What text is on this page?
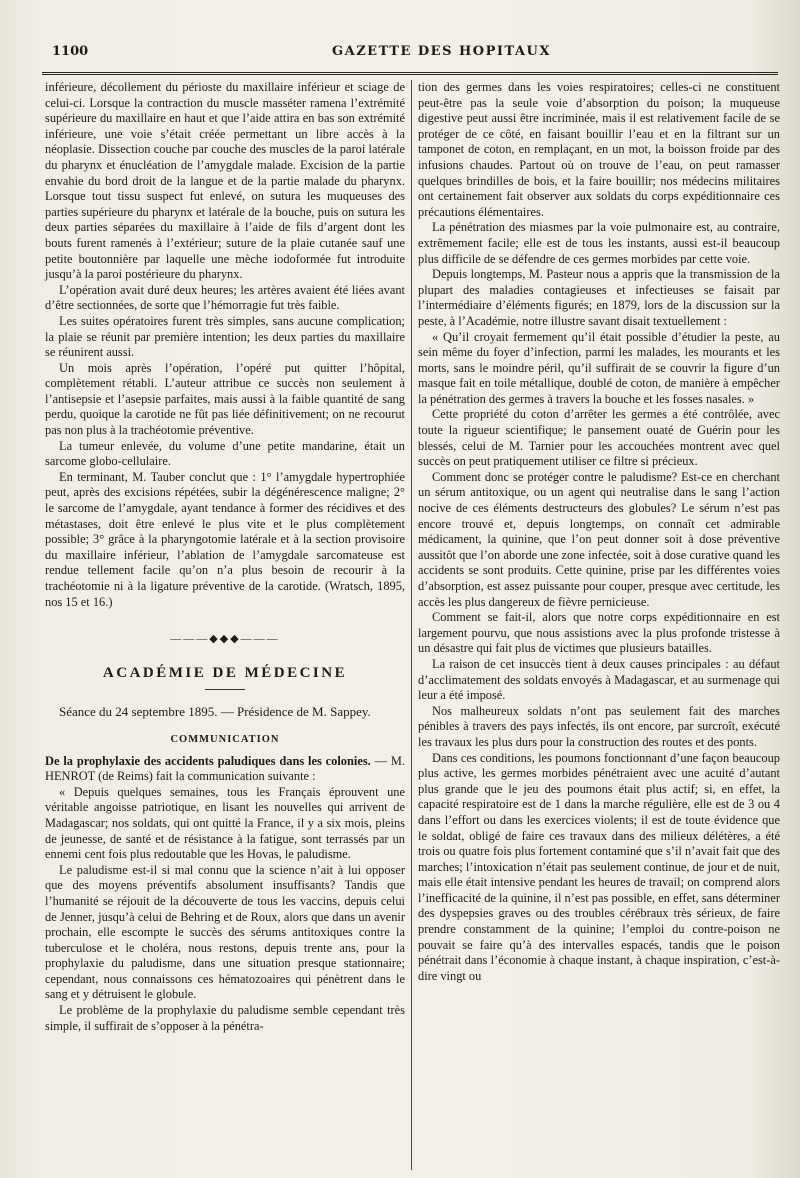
1100	GAZETTE DES HOPITAUX

inférieure, décollement du périoste du maxillaire inférieur et sciage de celui-ci. Lorsque la contraction du muscle masséter ramena l’extrémité supérieure du maxillaire en haut et que l’aide attira en bas son extrémité inférieure, une voie s’était créée permettant un libre accès à la néoplasie. Dissection couche par couche des muscles de la paroi latérale du pharynx et énucléation de l’amygdale malade. Excision de la partie envahie du bord droit de la langue et de la partie malade du pharynx. Lorsque tout tissu suspect fut enlevé, on sutura les muqueuses des parties supérieure du pharynx et latérale de la bouche, puis on sutura les deux parties séparées du maxillaire à l’aide de fils d’argent dont les bouts furent ramenés à l’extérieur; suture de la plaie cutanée sauf une petite boutonnière par laquelle une mèche iodoformée fut introduite jusqu’à la paroi postérieure du pharynx.

L’opération avait duré deux heures; les artères avaient été liées avant d’être sectionnées, de sorte que l’hémorragie fut très faible.

Les suites opératoires furent très simples, sans aucune complication; la plaie se réunit par première intention; les deux parties du maxillaire se réunirent aussi.

Un mois après l’opération, l’opéré put quitter l’hôpital, complètement rétabli. L’auteur attribue ce succès non seulement à l’antisepsie et l’asepsie parfaites, mais aussi à la faible quantité de sang perdu, quoique la carotide ne fût pas liée définitivement; on ne recourut pas non plus à la trachéotomie préventive.

La tumeur enlevée, du volume d’une petite mandarine, était un sarcome globo-cellulaire.

En terminant, M. Tauber conclut que : 1° l’amygdale hypertrophiée peut, après des excisions répétées, subir la dégénérescence maligne; 2° le sarcome de l’amygdale, ayant tendance à former des récidives et des métastases, doit être enlevé le plus vite et le plus complètement possible; 3° grâce à la pharyngotomie latérale et à la section provisoire du maxillaire inférieur, l’ablation de l’amygdale sarcomateuse est rendue tellement facile qu’on n’a plus besoin de recourir à la trachéotomie ni à la ligature préventive de la carotide. (Wratsch, 1895, nos 15 et 16.)

———◆◆◆———
ACADÉMIE DE MÉDECINE

Séance du 24 septembre 1895. — Présidence de M. Sappey.

COMMUNICATION

De la prophylaxie des accidents paludiques dans les colonies. — M. HENROT (de Reims) fait la communication suivante :

« Depuis quelques semaines, tous les Français éprouvent une véritable angoisse patriotique, en lisant les nouvelles qui arrivent de Madagascar; nos soldats, qui ont quitté la France, il y a six mois, pleins de jeunesse, de santé et de résistance à la fatigue, sont terrassés par un ennemi cent fois plus redoutable que les Hovas, le paludisme.

Le paludisme est-il si mal connu que la science n’ait à lui opposer que des moyens préventifs absolument insuffisants? Tandis que l’humanité se réjouit de la découverte de tous les vaccins, depuis celui de Jenner, jusqu’à celui de Behring et de Roux, alors que dans un avenir prochain, elle escompte le succès des sérums antitoxiques contre la tuberculose et le choléra, nous restons, depuis trente ans, pour la prophylaxie du paludisme, dans une situation presque stationnaire; cependant, nous connaissons ces hématozoaires qui pénètrent dans le sang et y détruisent le globule.

Le problème de la prophylaxie du paludisme semble cependant très simple, il suffirait de s’opposer à la pénétra-

tion des germes dans les voies respiratoires; celles-ci ne constituent peut-être pas la seule voie d’absorption du poison; la muqueuse digestive peut aussi être incriminée, mais il est relativement facile de se protéger de ce côté, en faisant bouillir l’eau et en la filtrant sur un tamponet de coton, en remplaçant, en un mot, la boisson froide par des infusions chaudes. Partout où on trouve de l’eau, on peut ramasser quelques brindilles de bois, et la faire bouillir; nos médecins militaires ont certainement fait observer aux soldats du corps expéditionnaire ces précautions élémentaires.

La pénétration des miasmes par la voie pulmonaire est, au contraire, extrêmement facile; elle est de tous les instants, aussi est-il beaucoup plus difficile de se défendre de ces germes morbides par cette voie.

Depuis longtemps, M. Pasteur nous a appris que la transmission de la plupart des maladies contagieuses et infectieuses se faisait par l’intermédiaire d’éléments figurés; en 1879, lors de la discussion sur la peste, à l’Académie, notre illustre savant disait textuellement :

« Qu’il croyait fermement qu’il était possible d’étudier la peste, au sein même du foyer d’infection, parmi les malades, les mourants et les morts, sans le moindre péril, qu’il suffirait de se couvrir la figure d’un masque fait en toile métallique, doublé de coton, de manière à empêcher la pénétration des germes à travers la bouche et les fosses nasales. »

Cette propriété du coton d’arrêter les germes a été contrôlée, avec toute la rigueur scientifique; le pansement ouaté de Guérin pour les blessés, celui de M. Tarnier pour les accouchées montrent avec quel succès on peut pratiquement utiliser ce filtre si précieux.

Comment donc se protéger contre le paludisme? Est-ce en cherchant un sérum antitoxique, ou un agent qui neutralise dans le sang l’action nocive de ces éléments destructeurs des globules? Le sérum n’est pas encore trouvé et, depuis longtemps, on connaît cet admirable médicament, la quinine, que l’on peut donner soit à dose préventive aussitôt que l’on aborde une zone infectée, soit à dose curative quand les accidents se sont produits. Cette quinine, prise par les différentes voies d’absorption, est assez puissante pour couper, presque avec certitude, les accès les plus dangereux de fièvre pernicieuse.

Comment se fait-il, alors que notre corps expéditionnaire en est largement pourvu, que nous assistions avec la plus profonde tristesse à un désastre qui fait plus de victimes que plusieurs batailles.

La raison de cet insuccès tient à deux causes principales : au défaut d’acclimatement des soldats envoyés à Madagascar, et au surmenage qui leur a été imposé.

Nos malheureux soldats n’ont pas seulement fait des marches pénibles à travers des pays infectés, ils ont encore, par surcroît, exécuté les travaux les plus durs pour la construction des routes et des ponts.

Dans ces conditions, les poumons fonctionnant d’une façon beaucoup plus active, les germes morbides pénétraient avec une acuité d’autant plus grande que le jeu des poumons était plus actif; si, en effet, la capacité respiratoire est de 1 dans la marche régulière, elle est de 3 ou 4 dans l’effort ou dans les exercices violents; il est de toute évidence que le soldat, obligé de faire ces travaux dans des milieux délétères, a été trois ou quatre fois plus fortement contaminé que s’il n’avait fait que des marches; l’intoxication n’était pas seulement continue, de jour et de nuit, mais elle était intensive pendant les heures de travail; on comprend alors l’inefficacité de la quinine, il n’est pas possible, en effet, sans déterminer des dyspepsies graves ou des troubles cérébraux très sérieux, de faire prendre constamment de la quinine; l’emploi du contre-poison ne pouvait se faire qu’à des intervalles espacés, tandis que le poison pénétrait dans l’économie à chaque instant, à chaque inspiration, c’est-à-dire vingt ou
